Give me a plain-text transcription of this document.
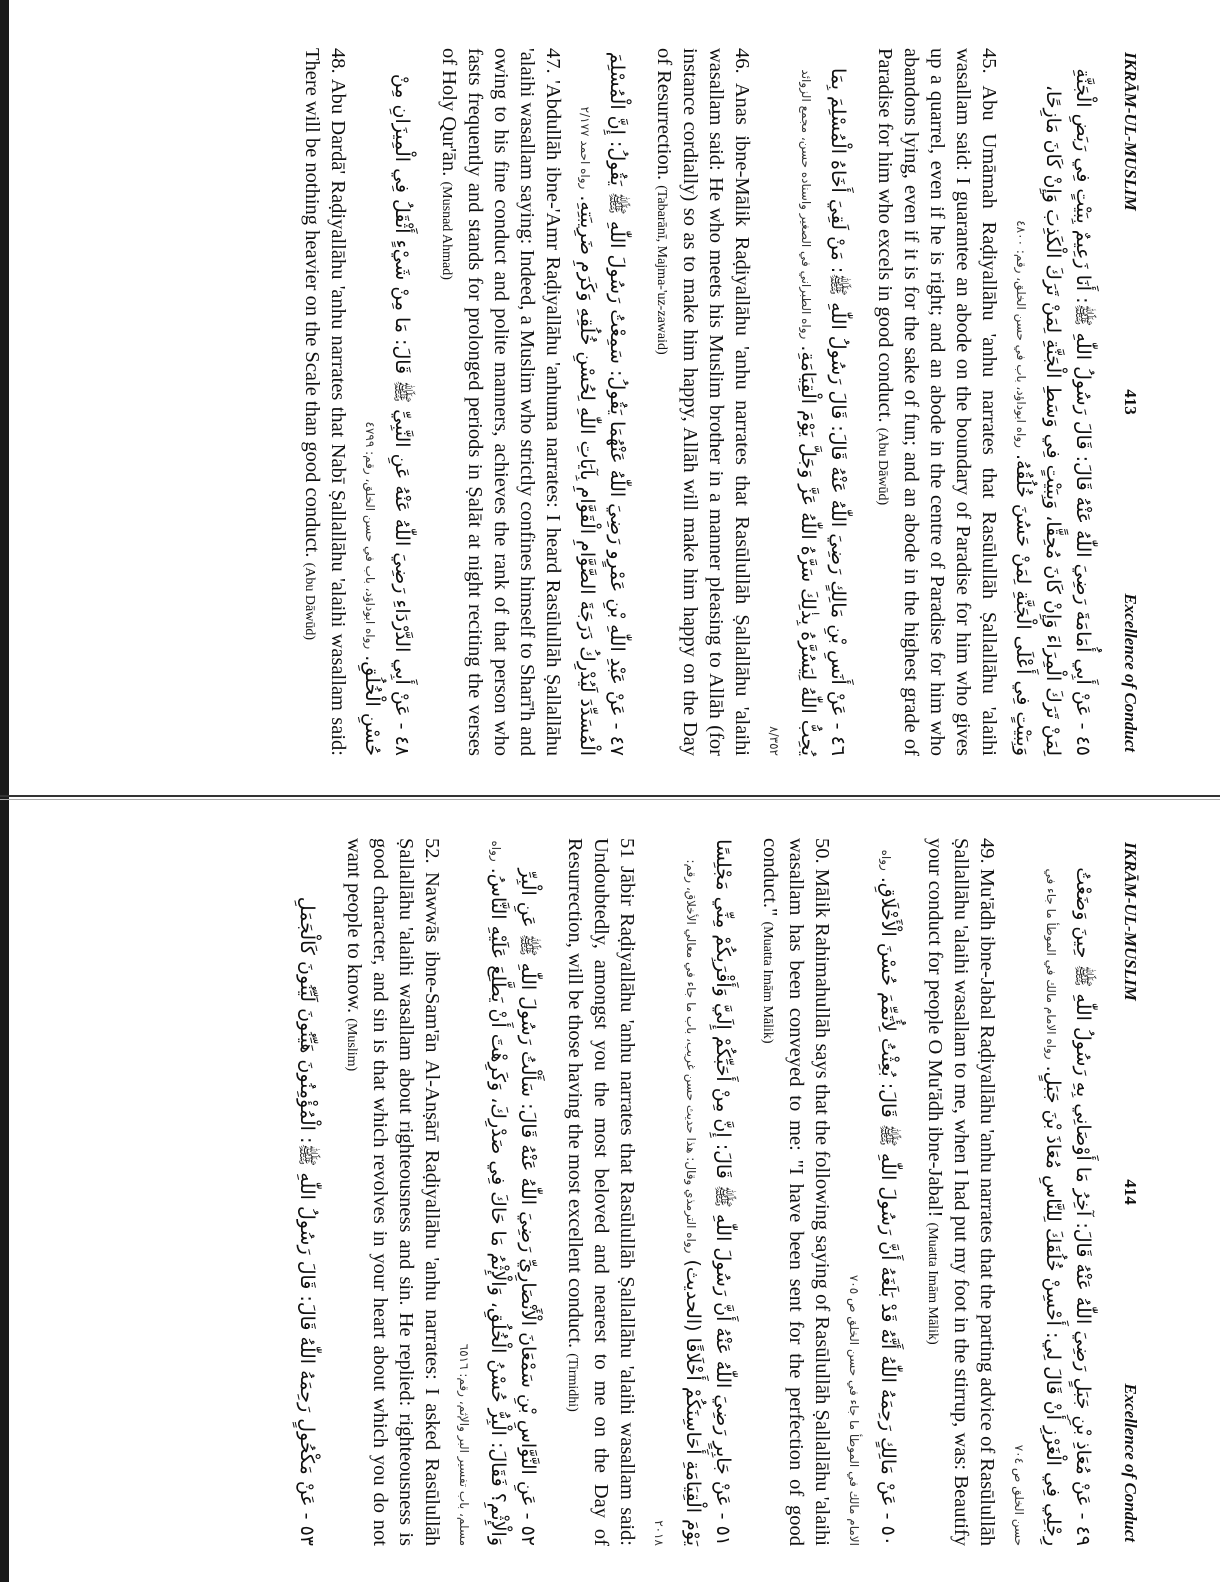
IKRĀM-UL-MUSLIM
413
Excellence of Conduct
٤٥ - عَنْ أَبِي أُمَامَةَ رَضِيَ اللّٰهُ عَنْهُ قَالَ: قَالَ رَسُولُ اللّٰهِ ﷺ: أَنَا زَعِيمٌ بِبَيْتٍ فِي رَبَضِ الْجَنَّةِ لِمَنْ تَرَكَ الْمِرَاءَ وَإِنْ كَانَ مُحِقًّا، وَبِبَيْتٍ فِي وَسَطِ الْجَنَّةِ لِمَنْ تَرَكَ الْكَذِبَ وَإِنْ كَانَ مَازِحًا، وَبِبَيْتٍ فِي أَعْلَى الْجَنَّةِ لِمَنْ حَسُنَ خُلُقُهُ. رواه ابوداؤد، باب في حسن الخلق، رقم: ٤٨٠٠
45. Abu Umāmah Raḍiyallāhu 'anhu narrates that Rasūlullāh Ṣallallāhu 'alaihi wasallam said: I guarantee an abode on the boundary of Paradise for him who gives up a quarrel, even if he is right; and an abode in the centre of Paradise for him who abandons lying, even if it is for the sake of fun; and an abode in the highest grade of Paradise for him who excels in good conduct. (Abu Dāwūd)
٤٦ - عَنْ أَنَسِ بْنِ مَالِكٍ رَضِيَ اللّٰهُ عَنْهُ قَالَ: قَالَ رَسُولُ اللّٰهِ ﷺ: مَنْ لَقِيَ أَخَاهُ الْمُسْلِمَ بِمَا يُحِبُّ اللّٰهُ لِيَسُرَّهُ بِذٰلِكَ سَرَّهُ اللّٰهُ عَزَّ وَجَلَّ يَوْمَ الْقِيَامَةِ. رواه الطبراني في الصغير واسناده حسن، مجمع الزوائد ٨/٣٥٢
46. Anas ibne-Mālik Raḍiyallāhu 'anhu narrates that Rasūlullāh Ṣallallāhu 'alaihi wasallam said: He who meets his Muslim brother in a manner pleasing to Allāh (for instance cordially) so as to make him happy, Allāh will make him happy on the Day of Resurrection. (Tabarānī, Majma-'uz-zawaid)
٤٧ - عَنْ عَبْدِ اللّٰهِ بْنِ عَمْرٍو رَضِيَ اللّٰهُ عَنْهُمَا يَقُولُ: سَمِعْتُ رَسُولَ اللّٰهِ ﷺ يَقُولُ: إِنَّ الْمُسْلِمَ الْمُسَدِّدَ لَيُدْرِكُ دَرَجَةَ الصَّوَّامِ الْقَوَّامِ بِآيَاتِ اللّٰهِ لِحُسْنِ خُلُقِهِ وَكَرَمِ ضَرِيبَتِهِ. رواه احمد ٢/١٧٧
47. 'Abdullāh ibne-'Amr Raḍiyallāhu 'anhuma narrates: I heard Rasūlullāh Ṣallallāhu 'alaihi wasallam saying: Indeed, a Muslim who strictly confines himself to Sharī'h and owing to his fine conduct and polite manners, achieves the rank of that person who fasts frequently and stands for prolonged periods in Ṣalāt at night reciting the verses of Holy Qur'ān. (Musnad Ahmad)
٤٨ - عَنْ أَبِي الدَّرْدَاءِ رَضِيَ اللّٰهُ عَنْهُ عَنِ النَّبِيِّ ﷺ قَالَ: مَا مِنْ شَيْءٍ أَثْقَلُ فِي الْمِيزَانِ مِنْ حُسْنِ الْخُلُقِ. رواه ابوداؤد، باب في حسن الخلق، رقم: ٤٧٩٩
48. Abu Dardā' Raḍiyallāhu 'anhu narrates that Nabī Ṣallallāhu 'alaihi wasallam said: There will be nothing heavier on the Scale than good conduct. (Abu Dāwūd)
IKRĀM-UL-MUSLIM
414
Excellence of Conduct
٤٩ - عَنْ مُعَاذِ بْنِ جَبَلٍ رَضِيَ اللّٰهُ عَنْهُ قَالَ: آخِرُ مَا أَوْصَانِي بِهِ رَسُولُ اللّٰهِ ﷺ حِينَ وَضَعْتُ رِجْلِي فِي الْغَرْزِ أَنْ قَالَ لِي: أَحْسِنْ خُلُقَكَ لِلنَّاسِ مُعَاذَ بْنَ جَبَلٍ. رواه الامام مالك في الموطأ ما جاء في حسن الخلق ص ٧٠٤
49. Mu'ādh ibne-Jabal Raḍiyallāhu 'anhu narrates that the parting advice of Rasūlullāh Ṣallallāhu 'alaihi wasallam to me, when I had put my foot in the stirrup, was: Beautify your conduct for people O Mu'ādh ibne-Jabal! (Muatta Imām Mālik)
٥٠ - عَنْ مَالِكٍ رَحِمَهُ اللّٰهُ أَنَّهُ قَدْ بَلَغَهُ أَنَّ رَسُولَ اللّٰهِ ﷺ قَالَ: بُعِثْتُ لِأُتَمِّمَ حُسْنَ الْأَخْلَاقِ. رواه الامام مالك في الموطأ ما جاء في حسن الخلق ص ٧٠٥
50. Mālik Rahimahullāh says that the following saying of Rasūlullāh Ṣallallāhu 'alaihi wasallam has been conveyed to me: "I have been sent for the perfection of good conduct." (Muatta Imām Mālik)
٥١ - عَنْ جَابِرٍ رَضِيَ اللّٰهُ عَنْهُ أَنَّ رَسُولَ اللّٰهِ ﷺ قَالَ: إِنَّ مِنْ أَحَبِّكُمْ إِلَيَّ وَأَقْرَبِكُمْ مِنِّي مَجْلِسًا يَوْمَ الْقِيَامَةِ أَحَاسِنَكُمْ أَخْلَاقًا (الحديث) رواه الترمذي وقال: هذا حديث حسن غريب، باب ما جاء في معالي الأخلاق، رقم: ٢٠١٨
51 Jābir Raḍiyallāhu 'anhu narrates that Rasūlullāh Ṣallallāhu 'alaihi wasallam said: Undoubtedly, amongst you the most beloved and nearest to me on the Day of Resurrection, will be those having the most excellent conduct. (Tirmidhi)
٥٢ - عَنِ النَّوَّاسِ بْنِ سَمْعَانَ الْأَنْصَارِيِّ رَضِيَ اللّٰهُ عَنْهُ قَالَ: سَأَلْتُ رَسُولَ اللّٰهِ ﷺ عَنِ الْبِرِّ وَالْإِثْمِ؟ فَقَالَ: الْبِرُّ حُسْنُ الْخُلُقِ، وَالْإِثْمُ مَا حَاكَ فِي صَدْرِكَ، وَكَرِهْتَ أَنْ يَطَّلِعَ عَلَيْهِ النَّاسُ. رواه مسلم، باب تفسير البر والإثم، رقم: ٦٥١٦
52. Nawwās ibne-Sam'ān Al-Anṣārī Raḍiyallāhu 'anhu narrates: I asked Rasūlullāh Ṣallallāhu 'alaihi wasallam about righteousness and sin. He replied: righteousness is good character, and sin is that which revolves in your heart about which you do not want people to know. (Muslim)
٥٣ - عَنْ مَكْحُولٍ رَحِمَهُ اللّٰهُ قَالَ: قَالَ رَسُولُ اللّٰهِ ﷺ: الْمُؤْمِنُونَ هَيِّنُونَ لَيِّنُونَ كَالْجَمَلِ
